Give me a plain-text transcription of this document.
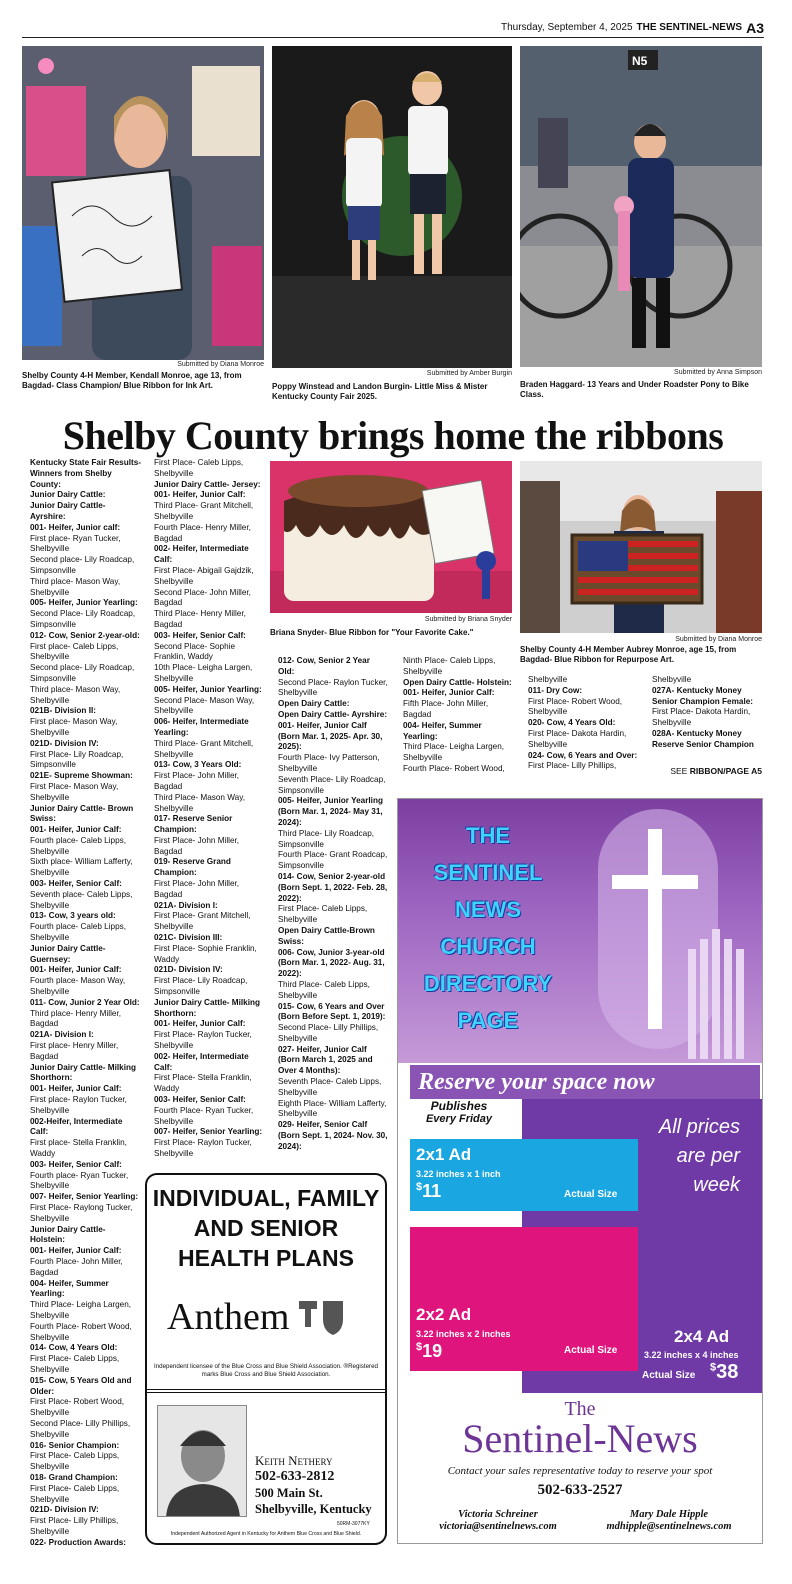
Thursday, September 4, 2025 THE SENTINEL-NEWS A3
Submitted by Diana Monroe
Shelby County 4-H Member, Kendall Monroe, age 13, from Bagdad- Class Champion/ Blue Ribbon for Ink Art.
Submitted by Amber Burgin
Poppy Winstead and Landon Burgin- Little Miss & Mister Kentucky County Fair 2025.
N5
Submitted by Anna Simpson
Braden Haggard- 13 Years and Under Roadster Pony to Bike Class.
Shelby County brings home the ribbons

Kentucky State Fair Results- Winners from Shelby County:

Junior Dairy Cattle:

Junior Dairy Cattle- Ayrshire:

001- Heifer, Junior calf:

First place- Ryan Tucker, Shelbyville

Second place- Lily Roadcap, Simpsonville

Third place- Mason Way, Shelbyville

005- Heifer, Junior Yearling:

Second Place- Lily Roadcap, Simpsonville

012- Cow, Senior 2-year-old:

First place- Caleb Lipps, Shelbyville

Second place- Lily Roadcap, Simpsonville

Third place- Mason Way, Shelbyville

021B- Division II:

First place- Mason Way, Shelbyville

021D- Division IV:

First Place- Lily Roadcap, Simpsonville

021E- Supreme Showman:

First Place- Mason Way, Shelbyville

Junior Dairy Cattle- Brown Swiss:

001- Heifer, Junior Calf:

Fourth place- Caleb Lipps, Shelbyville

Sixth place- William Lafferty, Shelbyville

003- Heifer, Senior Calf:

Seventh place- Caleb Lipps, Shelbyville

013- Cow, 3 years old:

Fourth place- Caleb Lipps, Shelbyville

Junior Dairy Cattle- Guernsey:

001- Heifer, Junior Calf:

Fourth place- Mason Way, Shelbyville

011- Cow, Junior 2 Year Old:

Third place- Henry Miller, Bagdad

021A- Division I:

First place- Henry Miller, Bagdad

Junior Dairy Cattle- Milking Shorthorn:

001- Heifer, Junior Calf:

First place- Raylon Tucker, Shelbyville

002-Heifer, Intermediate Calf:

First place- Stella Franklin, Waddy

003- Heifer, Senior Calf:

Fourth place- Ryan Tucker, Shelbyville

007- Heifer, Senior Yearling:

First Place- Raylong Tucker, Shelbyville

Junior Dairy Cattle- Holstein:

001- Heifer, Junior Calf:

Fourth Place- John Miller, Bagdad

004- Heifer, Summer Yearling:

Third Place- Leigha Largen, Shelbyville

Fourth Place- Robert Wood, Shelbyville

014- Cow, 4 Years Old:

First Place- Caleb Lipps, Shelbyville

015- Cow, 5 Years Old and Older:

First Place- Robert Wood, Shelbyville

Second Place- Lilly Phillips, Shelbyville

016- Senior Champion:

First Place- Caleb Lipps, Shelbyville

018- Grand Champion:

First Place- Caleb Lipps, Shelbyville

021D- Division IV:

First Place- Lilly Phillips, Shelbyville

022- Production Awards:

First Place- Caleb Lipps, Shelbyville

Junior Dairy Cattle- Jersey:

001- Heifer, Junior Calf:

Third Place- Grant Mitchell, Shelbyville

Fourth Place- Henry Miller, Bagdad

002- Heifer, Intermediate Calf:

First Place- Abigail Gajdzik, Shelbyville

Second Place- John Miller, Bagdad

Third Place- Henry Miller, Bagdad

003- Heifer, Senior Calf:

Second Place- Sophie Franklin, Waddy

10th Place- Leigha Largen, Shelbyville

005- Heifer, Junior Yearling:

Second Place- Mason Way, Shelbyville

006- Heifer, Intermediate Yearling:

Third Place- Grant Mitchell, Shelbyville

013- Cow, 3 Years Old:

First Place- John Miller, Bagdad

Third Place- Mason Way, Shelbyville

017- Reserve Senior Champion:

First Place- John Miller, Bagdad

019- Reserve Grand Champion:

First Place- John Miller, Bagdad

021A- Division I:

First Place- Grant Mitchell, Shelbyville

021C- Division III:

First Place- Sophie Franklin, Waddy

021D- Division IV:

First Place- Lily Roadcap, Simpsonville

Junior Dairy Cattle- Milking Shorthorn:

001- Heifer, Junior Calf:

First Place- Raylon Tucker, Shelbyville

002- Heifer, Intermediate Calf:

First Place- Stella Franklin, Waddy

003- Heifer, Senior Calf:

Fourth Place- Ryan Tucker, Shelbyville

007- Heifer, Senior Yearling:

First Place- Raylon Tucker, Shelbyville

Submitted by Briana Snyder
Briana Snyder- Blue Ribbon for "Your Favorite Cake."
Submitted by Diana Monroe
Shelby County 4-H Member Aubrey Monroe, age 15, from Bagdad- Blue Ribbon for Repurpose Art.

012- Cow, Senior 2 Year Old:

Second Place- Raylon Tucker, Shelbyville

Open Dairy Cattle:

Open Dairy Cattle- Ayrshire:

001- Heifer, Junior Calf (Born Mar. 1, 2025- Apr. 30, 2025):

Fourth Place- Ivy Patterson, Shelbyville

Seventh Place- Lily Roadcap, Simpsonville

005- Heifer, Junior Yearling (Born Mar. 1, 2024- May 31, 2024):

Third Place- Lily Roadcap, Simpsonville

Fourth Place- Grant Roadcap, Simpsonville

014- Cow, Senior 2-year-old (Born Sept. 1, 2022- Feb. 28, 2022):

First Place- Caleb Lipps, Shelbyville

Open Dairy Cattle-Brown Swiss:

006- Cow, Junior 3-year-old (Born Mar. 1, 2022- Aug. 31, 2022):

Third Place- Caleb Lipps, Shelbyville

015- Cow, 6 Years and Over (Born Before Sept. 1, 2019):

Second Place- Lilly Phillips, Shelbyville

027- Heifer, Junior Calf (Born March 1, 2025 and Over 4 Months):

Seventh Place- Caleb Lipps, Shelbyville

Eighth Place- William Lafferty, Shelbyville

029- Heifer, Senior Calf (Born Sept. 1, 2024- Nov. 30, 2024):

Ninth Place- Caleb Lipps, Shelbyville

Open Dairy Cattle- Holstein:

001- Heifer, Junior Calf:

Fifth Place- John Miller, Bagdad

004- Heifer, Summer Yearling:

Third Place- Leigha Largen, Shelbyville

Fourth Place- Robert Wood,

Shelbyville

011- Dry Cow:

First Place- Robert Wood, Shelbyville

020- Cow, 4 Years Old:

First Place- Dakota Hardin, Shelbyville

024- Cow, 6 Years and Over:

First Place- Lilly Phillips,

Shelbyville

027A- Kentucky Money Senior Champion Female:

First Place- Dakota Hardin, Shelbyville

028A- Kentucky Money Reserve Senior Champion

SEE RIBBON/PAGE A5
INDIVIDUAL, FAMILY
AND SENIOR
HEALTH PLANS
Anthem
Independent licensee of the Blue Cross and Blue Shield Association. ®Registered marks Blue Cross and Blue Shield Association.
Keith Nethery
502-633-2812
500 Main St.
Shelbyville, Kentucky
50RM-3077KY
Independent Authorized Agent in Kentucky for Anthem Blue Cross and Blue Shield.
THE
SENTINEL
NEWS
CHURCH
DIRECTORY
PAGE
Reserve your space now
Publishes
Every Friday	All prices are per week
2x4 Ad
3.22 inches x 4 inches
Actual Size
$38
2x1 Ad
3.22 inches x 1 inch
$11	Actual Size
2x2 Ad
3.22 inches x 2 inches
$19	Actual Size
The
Sentinel-News
Contact your sales representative today to reserve your spot
502-633-2527
Victoria Schreiner
victoria@sentinelnews.com
Mary Dale Hipple
mdhipple@sentinelnews.com
